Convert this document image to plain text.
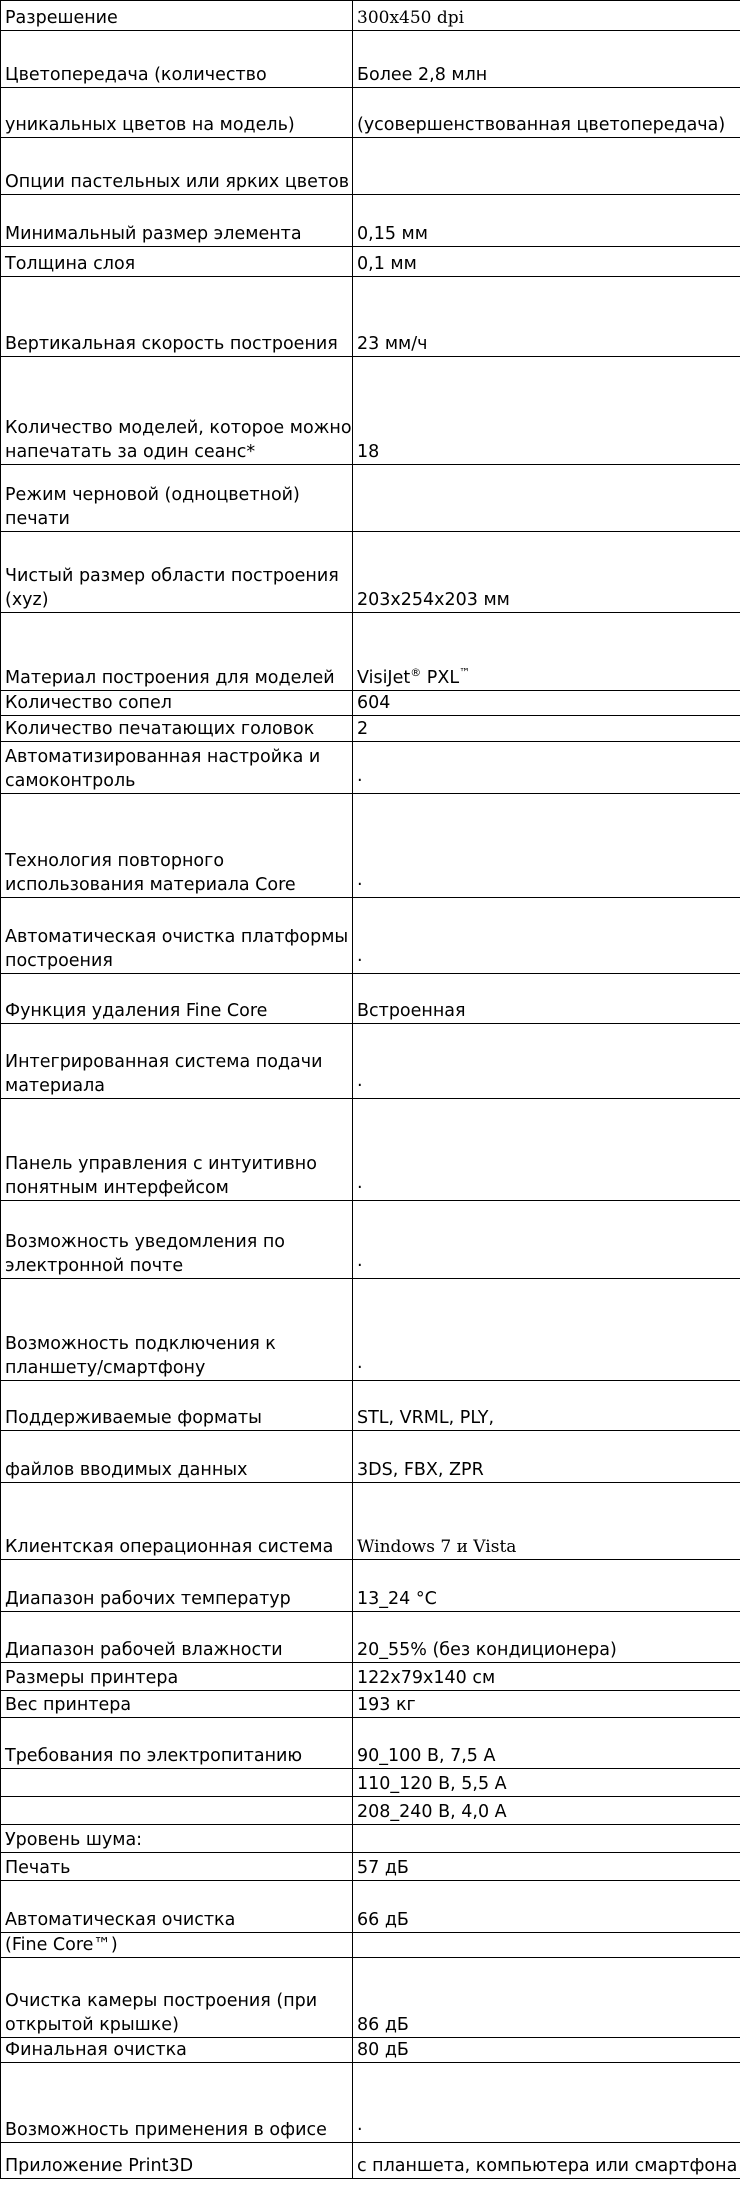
Разрешение	300x450 dpi
Цветопередача (количество	Более 2,8 млн
уникальных цветов на модель)	(усовершенствованная цветопередача)
Опции пастельных или ярких цветов	
Минимальный размер элемента	0,15 мм
Толщина слоя	0,1 мм
Вертикальная скорость построения	23 мм/ч
Количество моделей, которое можно напечатать за один сеанс*	18
Режим черновой (одноцветной) печати	
Чистый размер области построения (xyz)	203x254x203 мм
Материал построения для моделей	VisiJet® PXL™
Количество сопел	604
Количество печатающих головок	2
Автоматизированная настройка и самоконтроль	·
Технология повторного использования материала Core	·
Автоматическая очистка платформы построения	·
Функция удаления Fine Core	Встроенная
Интегрированная система подачи материала	·
Панель управления с интуитивно понятным интерфейсом	·
Возможность уведомления по электронной почте	·
Возможность подключения к планшету/смартфону	·
Поддерживаемые форматы	STL, VRML, PLY,
файлов вводимых данных	3DS, FBX, ZPR
Клиентская операционная система	Windows 7 и Vista
Диапазон рабочих температур	13_24 °С
Диапазон рабочей влажности	20_55% (без кондиционера)
Размеры принтера	122х79х140 см
Вес принтера	193 кг
Требования по электропитанию	90_100 В, 7,5 А
	110_120 В, 5,5 А
	208_240 В, 4,0 А
Уровень шума:	
Печать	57 дБ
Автоматическая очистка	66 дБ
(Fine Core™)	
Очистка камеры построения (при открытой крышке)	86 дБ
Финальная очистка	80 дБ
Возможность применения в офисе	·
Приложение Print3D	с планшета, компьютера или смартфона
